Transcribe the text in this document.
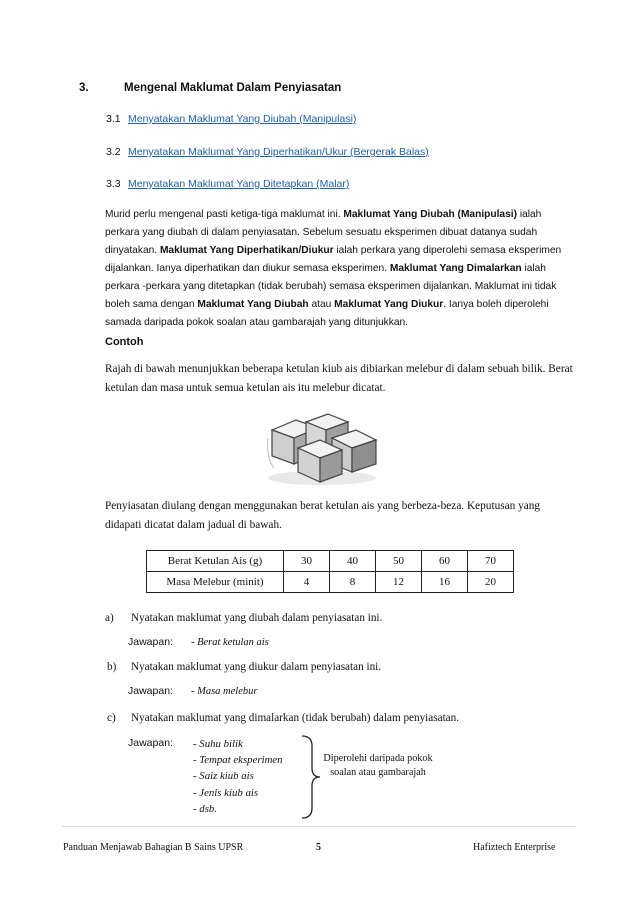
3.	Mengenal Maklumat Dalam Penyiasatan
3.1 Menyatakan Maklumat Yang Diubah (Manipulasi)
3.2 Menyatakan Maklumat Yang Diperhatikan/Ukur (Bergerak Balas)
3.3 Menyatakan Maklumat Yang Ditetapkan (Malar)
Murid perlu mengenal pasti ketiga-tiga maklumat ini. Maklumat Yang Diubah (Manipulasi) ialah perkara yang diubah di dalam penyiasatan. Sebelum sesuatu eksperimen dibuat datanya sudah dinyatakan. Maklumat Yang Diperhatikan/Diukur ialah perkara yang diperolehi semasa eksperimen dijalankan. Ianya diperhatikan dan diukur semasa eksperimen. Maklumat Yang Dimalarkan ialah perkara -perkara yang ditetapkan (tidak berubah) semasa eksperimen dijalankan. Maklumat ini tidak boleh sama dengan Maklumat Yang Diubah atau Maklumat Yang Diukur. Ianya boleh diperolehi samada daripada pokok soalan atau gambarajah yang ditunjukkan.
Contoh
Rajah di bawah menunjukkan beberapa ketulan kiub ais dibiarkan melebur di dalam sebuah bilik. Berat ketulan dan masa untuk semua ketulan ais itu melebur dicatat.
Penyiasatan diulang dengan menggunakan berat ketulan ais yang berbeza-beza. Keputusan yang didapati dicatat dalam jadual di bawah.
Berat Ketulan Ais (g)	30	40	50	60	70
Masa Melebur (minit)	4	8	12	16	20
a) Nyatakan maklumat yang diubah dalam penyiasatan ini.
Jawapan: - Berat ketulan ais
b) Nyatakan maklumat yang diukur dalam penyiasatan ini.
Jawapan: - Masa melebur
c) Nyatakan maklumat yang dimalarkan (tidak berubah) dalam penyiasatan.
Jawapan: - Suhu bilik
- Tempat eksperimen
- Saiz kiub ais
- Jenis kiub ais
- dsb.
Diperolehi daripada pokok soalan atau gambarajah
Panduan Menjawab Bahagian B Sains UPSR	5	Hafiztech Enterprise
